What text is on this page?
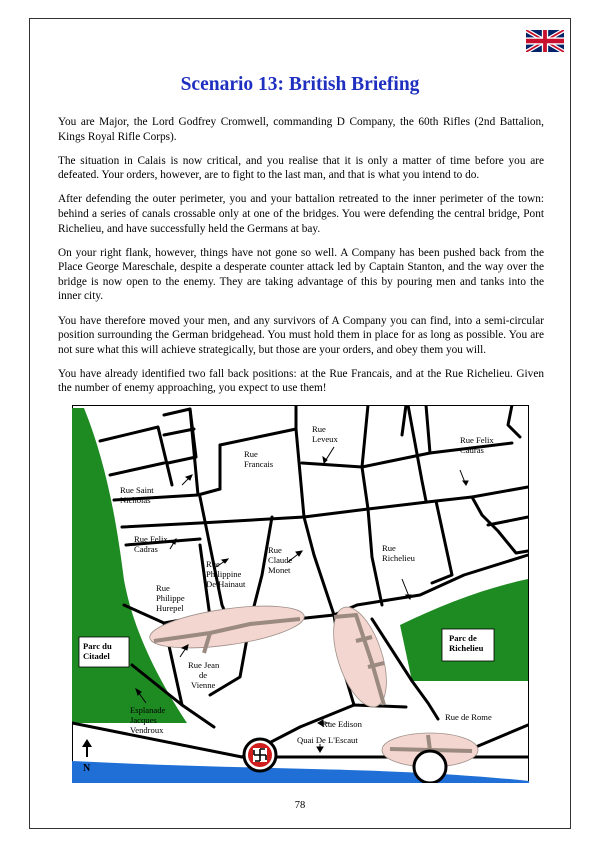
Scenario 13: British Briefing

You are Major, the Lord Godfrey Cromwell, commanding D Company, the 60th Rifles (2nd Battalion, Kings Royal Rifle Corps).

The situation in Calais is now critical, and you realise that it is only a matter of time before you are defeated. Your orders, however, are to fight to the last man, and that is what you intend to do.

After defending the outer perimeter, you and your battalion retreated to the inner perimeter of the town: behind a series of canals crossable only at one of the bridges. You were defending the central bridge, Pont Richelieu, and have successfully held the Germans at bay.

On your right flank, however, things have not gone so well. A Company has been pushed back from the Place George Mareschale, despite a desperate counter attack led by Captain Stanton, and the way over the bridge is now open to the enemy. They are taking advantage of this by pouring men and tanks into the inner city.

You have therefore moved your men, and any survivors of A Company you can find, into a semi-circular position surrounding the German bridgehead. You must hold them in place for as long as possible. You are not sure what this will achieve strategically, but those are your orders, and obey them you will.

You have already identified two fall back positions: at the Rue Francais, and at the Rue Richelieu. Given the number of enemy approaching, you expect to use them!

Rue Leveux
Rue Francais
Rue Felix Cadras
Rue Saint Nicholas
Rue Felix Cadras	Rue Claude Monet
Rue Richelieu
Rue Philippine De Hainaut
Rue Philippe Hurepel
Rue Jean de Vienne
Esplanade Jacques Vendroux
Rue Edison
Rue de Rome
Quai De L'Escaut
Parc du Citadel
Parc de Richelieu
N
78
